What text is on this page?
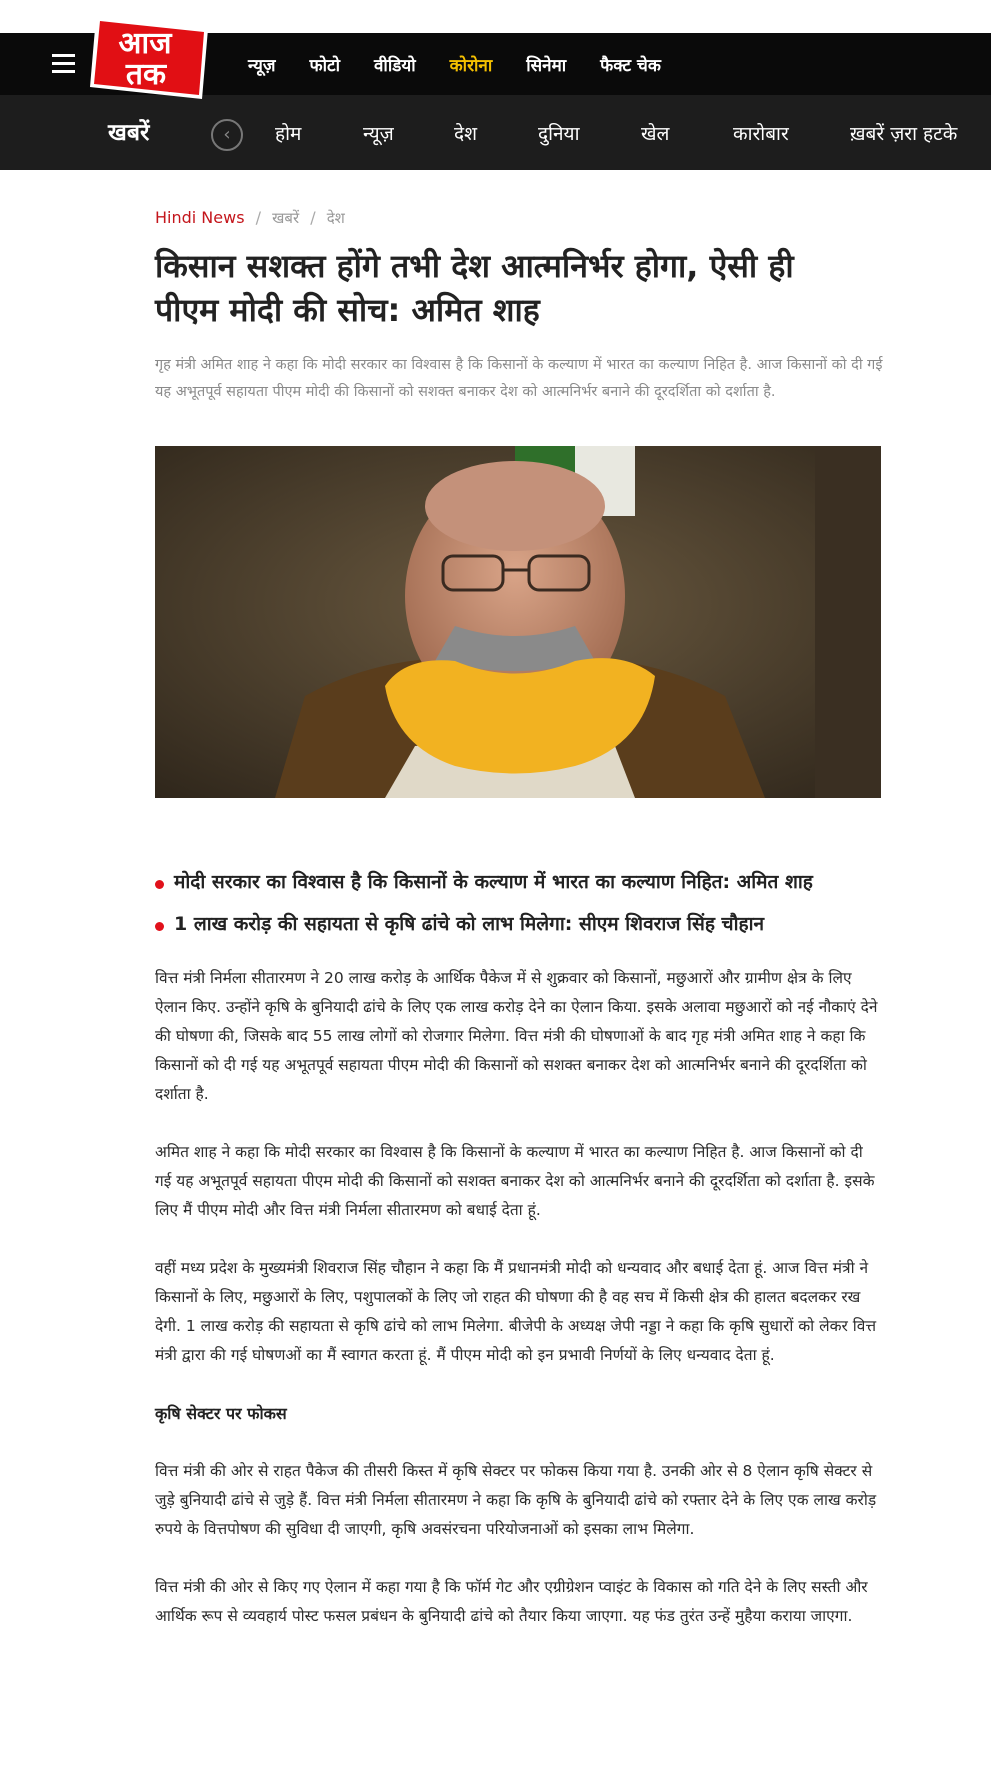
न्यूज़ फोटो वीडियो कोरोना सिनेमा फैक्ट चेक
आज
तक
खबरें	‹ होम	न्यूज़	देश	दुनिया	खेल	कारोबार	ख़बरें ज़रा हटके
Hindi News / खबरें / देश
किसान सशक्त होंगे तभी देश आत्मनिर्भर होगा, ऐसी ही पीएम मोदी की सोच: अमित शाह

गृह मंत्री अमित शाह ने कहा कि मोदी सरकार का विश्वास है कि किसानों के कल्याण में भारत का कल्याण निहित है. आज किसानों को दी गई यह अभूतपूर्व सहायता पीएम मोदी की किसानों को सशक्त बनाकर देश को आत्मनिर्भर बनाने की दूरदर्शिता को दर्शाता है.

मोदी सरकार का विश्वास है कि किसानों के कल्याण में भारत का कल्याण निहित: अमित शाह
1 लाख करोड़ की सहायता से कृषि ढांचे को लाभ मिलेगा: सीएम शिवराज सिंह चौहान

वित्त मंत्री निर्मला सीतारमण ने 20 लाख करोड़ के आर्थिक पैकेज में से शुक्रवार को किसानों, मछुआरों और ग्रामीण क्षेत्र के लिए ऐलान किए. उन्होंने कृषि के बुनियादी ढांचे के लिए एक लाख करोड़ देने का ऐलान किया. इसके अलावा मछुआरों को नई नौकाएं देने की घोषणा की, जिसके बाद 55 लाख लोगों को रोजगार मिलेगा. वित्त मंत्री की घोषणाओं के बाद गृह मंत्री अमित शाह ने कहा कि किसानों को दी गई यह अभूतपूर्व सहायता पीएम मोदी की किसानों को सशक्त बनाकर देश को आत्मनिर्भर बनाने की दूरदर्शिता को दर्शाता है.

अमित शाह ने कहा कि मोदी सरकार का विश्वास है कि किसानों के कल्याण में भारत का कल्याण निहित है. आज किसानों को दी गई यह अभूतपूर्व सहायता पीएम मोदी की किसानों को सशक्त बनाकर देश को आत्मनिर्भर बनाने की दूरदर्शिता को दर्शाता है. इसके लिए मैं पीएम मोदी और वित्त मंत्री निर्मला सीतारमण को बधाई देता हूं.

वहीं मध्य प्रदेश के मुख्यमंत्री शिवराज सिंह चौहान ने कहा कि मैं प्रधानमंत्री मोदी को धन्यवाद और बधाई देता हूं. आज वित्त मंत्री ने किसानों के लिए, मछुआरों के लिए, पशुपालकों के लिए जो राहत की घोषणा की है वह सच में किसी क्षेत्र की हालत बदलकर रख देगी. 1 लाख करोड़ की सहायता से कृषि ढांचे को लाभ मिलेगा. बीजेपी के अध्यक्ष जेपी नड्डा ने कहा कि कृषि सुधारों को लेकर वित्त मंत्री द्वारा की गई घोषणओं का मैं स्वागत करता हूं. मैं पीएम मोदी को इन प्रभावी निर्णयों के लिए धन्यवाद देता हूं.

कृषि सेक्टर पर फोकस

वित्त मंत्री की ओर से राहत पैकेज की तीसरी किस्त में कृषि सेक्टर पर फोकस किया गया है. उनकी ओर से 8 ऐलान कृषि सेक्टर से जुड़े बुनियादी ढांचे से जुड़े हैं. वित्त मंत्री निर्मला सीतारमण ने कहा कि कृषि के बुनियादी ढांचे को रफ्तार देने के लिए एक लाख करोड़ रुपये के वित्तपोषण की सुविधा दी जाएगी, कृषि अवसंरचना परियोजनाओं को इसका लाभ मिलेगा.

वित्त मंत्री की ओर से किए गए ऐलान में कहा गया है कि फॉर्म गेट और एग्रीग्रेशन प्वाइंट के विकास को गति देने के लिए सस्ती और आर्थिक रूप से व्यवहार्य पोस्ट फसल प्रबंधन के बुनियादी ढांचे को तैयार किया जाएगा. यह फंड तुरंत उन्हें मुहैया कराया जाएगा.
